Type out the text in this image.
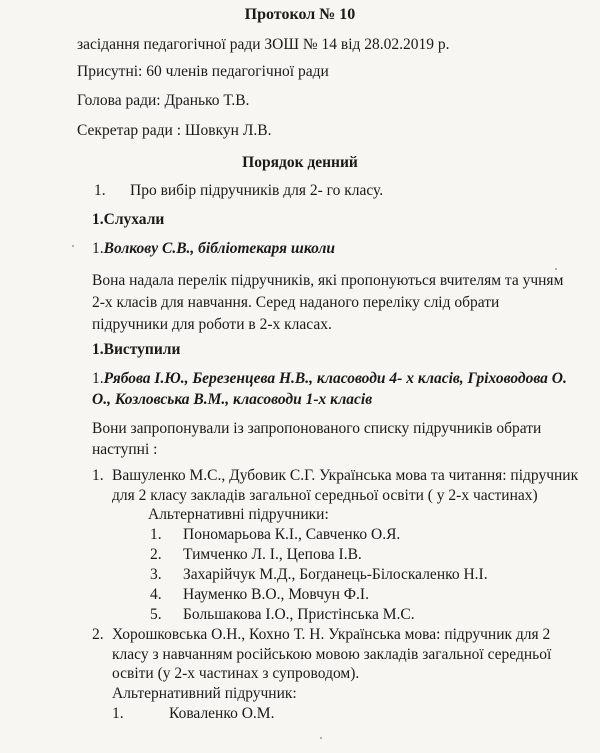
Протокол № 10
засідання педагогічної ради ЗОШ № 14 від 28.02.2019 р.
Присутні: 60 членів педагогічної ради
Голова ради: Дранько Т.В.
Секретар ради : Шовкун Л.В.
Порядок денний
1. Про вибір підручників для 2- го класу.
1.Слухали
1.Волкову С.В., бібліотекаря школи
Вона надала перелік підручників, які пропонуються вчителям та учням 2-х класів для навчання. Серед наданого переліку слід обрати підручники для роботи в 2-х класах.
1.Виступили
1.Рябова І.Ю., Березенцева Н.В., класоводи 4- х класів, Гріховодова О.
О., Козловська В.М., класоводи 1-х класів
Вони запропонували із запропонованого списку підручників обрати
наступні :
1. Вашуленко М.С., Дубовик С.Г. Українська мова та читання: підручник
для 2 класу закладів загальної середньої освіти ( у 2-х частинах)
Альтернативні підручники:
1. Пономарьова К.І., Савченко О.Я.
2. Тимченко Л. І., Цепова І.В.
3. Захарійчук М.Д., Богданець-Білоскаленко Н.І.
4. Науменко В.О., Мовчун Ф.І.
5. Большакова І.О., Пристінська М.С.
2. Хорошковська О.Н., Кохно Т. Н. Українська мова: підручник для 2
класу з навчанням російською мовою закладів загальної середньої
освіти (у 2-х частинах з супроводом).
Альтернативний підручник:
1.	Коваленко О.М.
